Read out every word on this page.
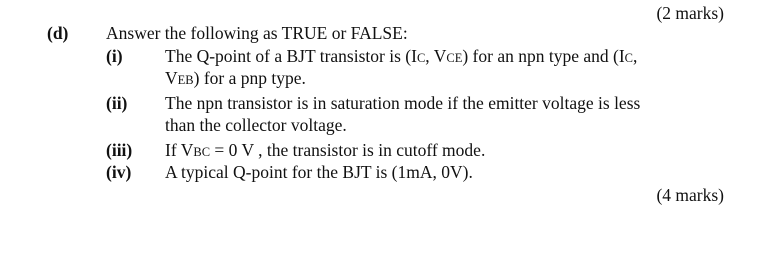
(2 marks)
(d) Answer the following as TRUE or FALSE:
(i) The Q-point of a BJT transistor is (IC, VCE) for an npn type and (IC,
VEB) for a pnp type.
(ii) The npn transistor is in saturation mode if the emitter voltage is less
than the collector voltage.
(iii) If VBC = 0 V , the transistor is in cutoff mode.
(iv) A typical Q-point for the BJT is (1mA, 0V).
(4 marks)
